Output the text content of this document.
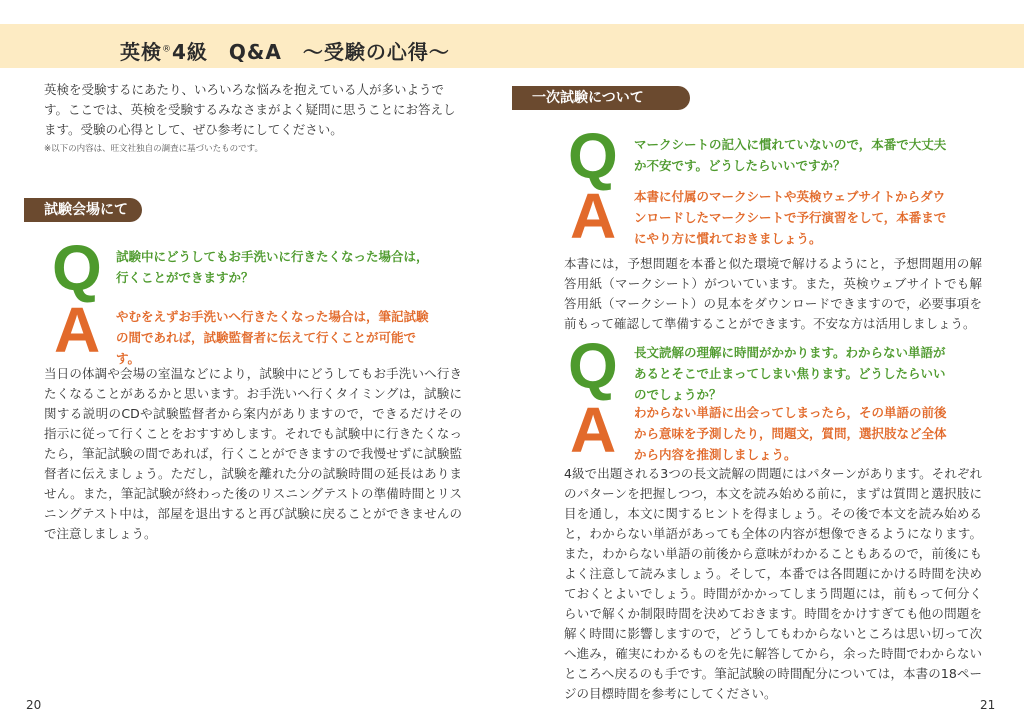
英検®4級　Q&A　～受験の心得～
英検を受験するにあたり、いろいろな悩みを抱えている人が多いようです。ここでは、英検を受験するみなさまがよく疑問に思うことにお答えします。受験の心得として、ぜひ参考にしてください。
※以下の内容は、旺文社独自の調査に基づいたものです。
試験会場にて
Q 試験中にどうしてもお手洗いに行きたくなった場合は，行くことができますか？
A やむをえずお手洗いへ行きたくなった場合は，筆記試験の間であれば，試験監督者に伝えて行くことが可能です。
当日の体調や会場の室温などにより，試験中にどうしてもお手洗いへ行きたくなることがあるかと思います。お手洗いへ行くタイミングは，試験に関する説明のCDや試験監督者から案内がありますので，できるだけその指示に従って行くことをおすすめします。それでも試験中に行きたくなったら，筆記試験の間であれば，行くことができますので我慢せずに試験監督者に伝えましょう。ただし，試験を離れた分の試験時間の延長はありません。また，筆記試験が終わった後のリスニングテストの準備時間とリスニングテスト中は，部屋を退出すると再び試験に戻ることができませんので注意しましょう。
一次試験について
Q マークシートの記入に慣れていないので，本番で大丈夫か不安です。どうしたらいいですか？
A 本書に付属のマークシートや英検ウェブサイトからダウンロードしたマークシートで予行演習をして，本番までにやり方に慣れておきましょう。
本書には，予想問題を本番と似た環境で解けるようにと，予想問題用の解答用紙（マークシート）がついています。また，英検ウェブサイトでも解答用紙（マークシート）の見本をダウンロードできますので，必要事項を前もって確認して準備することができます。不安な方は活用しましょう。
Q 長文読解の理解に時間がかかります。わからない単語があるとそこで止まってしまい焦ります。どうしたらいいのでしょうか？
A わからない単語に出会ってしまったら，その単語の前後から意味を予測したり，問題文，質問，選択肢など全体から内容を推測しましょう。
4級で出題される3つの長文読解の問題にはパターンがあります。それぞれのパターンを把握しつつ，本文を読み始める前に，まずは質問と選択肢に目を通し，本文に関するヒントを得ましょう。その後で本文を読み始めると，わからない単語があっても全体の内容が想像できるようになります。また，わからない単語の前後から意味がわかることもあるので，前後にもよく注意して読みましょう。そして，本番では各問題にかける時間を決めておくとよいでしょう。時間がかかってしまう問題には，前もって何分くらいで解くか制限時間を決めておきます。時間をかけすぎても他の問題を解く時間に影響しますので，どうしてもわからないところは思い切って次へ進み，確実にわかるものを先に解答してから，余った時間でわからないところへ戻るのも手です。筆記試験の時間配分については，本書の18ページの目標時間を参考にしてください。
20	21
